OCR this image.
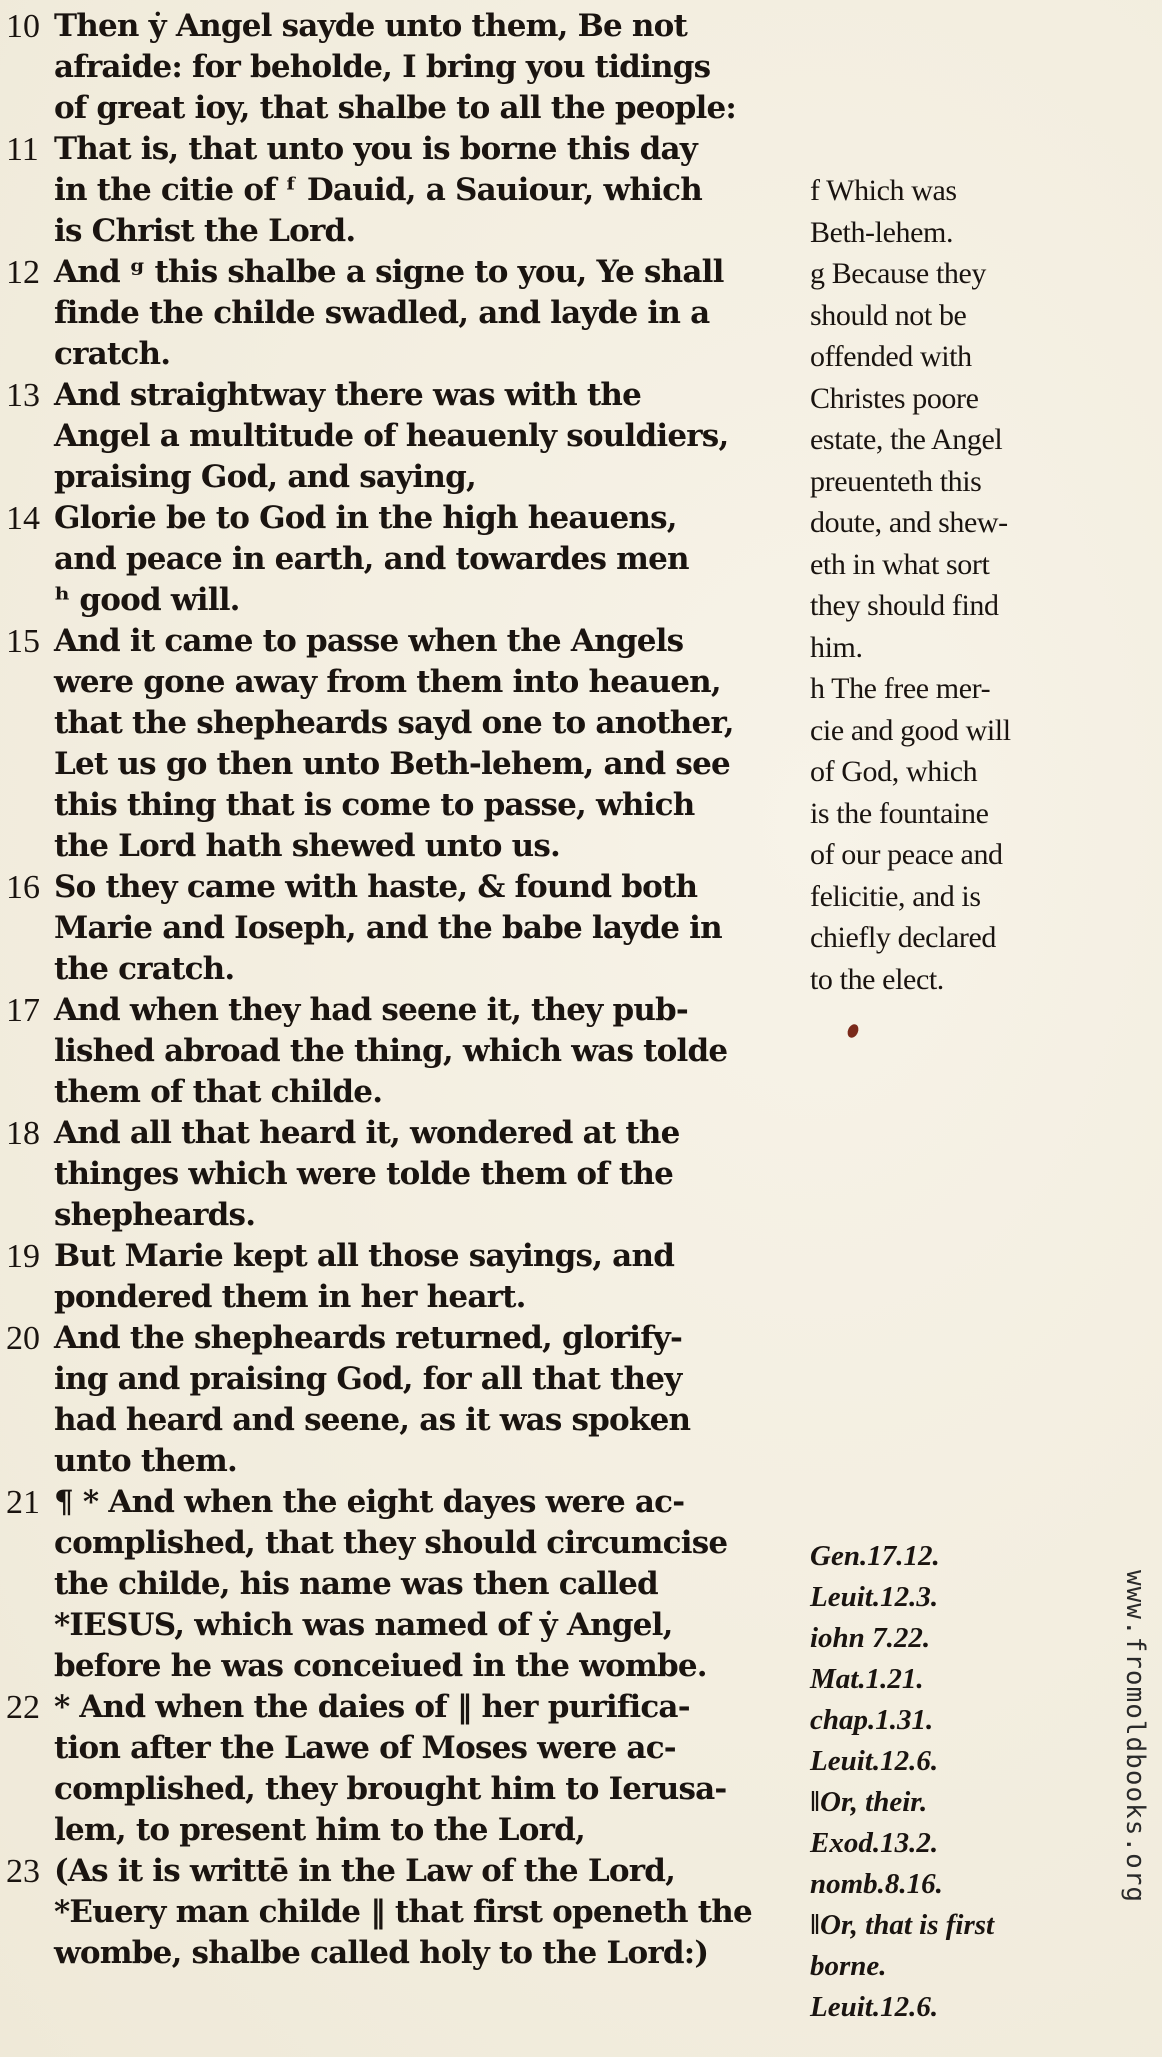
10 Then ẏ Angel sayde unto them, Be not
afraide: for beholde, I bring you tidings
of great ioy, that shalbe to all the people:
11 That is, that unto you is borne this day
in the citie of ᶠ Dauid, a Sauiour, which
is Christ the Lord.
12 And ᵍ this shalbe a signe to you, Ye shall
finde the childe swadled, and layde in a
cratch.
13 And straightway there was with the
Angel a multitude of heauenly souldiers,
praising God, and saying,
14 Glorie be to God in the high heauens,
and peace in earth, and towardes men
ʰ good will.
15 And it came to passe when the Angels
were gone away from them into heauen,
that the shepheards sayd one to another,
Let us go then unto Beth-lehem, and see
this thing that is come to passe, which
the Lord hath shewed unto us.
16 So they came with haste, & found both
Marie and Ioseph, and the babe layde in
the cratch.
17 And when they had seene it, they pub-
lished abroad the thing, which was tolde
them of that childe.
18 And all that heard it, wondered at the
thinges which were tolde them of the
shepheards.
19 But Marie kept all those sayings, and
pondered them in her heart.
20 And the shepheards returned, glorify-
ing and praising God, for all that they
had heard and seene, as it was spoken
unto them.
21 ¶ * And when the eight dayes were ac-
complished, that they should circumcise
the childe, his name was then called
*IESUS, which was named of ẏ Angel,
before he was conceiued in the wombe.
22 * And when the daies of ‖ her purifica-
tion after the Lawe of Moses were ac-
complished, they brought him to Ierusa-
lem, to present him to the Lord,
23 (As it is writtē in the Law of the Lord,
*Euery man childe ‖ that first openeth the
wombe, shalbe called holy to the Lord:)
f Which was
Beth-lehem.
g Because they
should not be
offended with
Christes poore
estate, the Angel
preuenteth this
doute, and shew-
eth in what sort
they should find
him.
h The free mer-
cie and good will
of God, which
is the fountaine
of our peace and
felicitie, and is
chiefly declared
to the elect.
Gen.17.12.
Leuit.12.3.
iohn 7.22.
Mat.1.21.
chap.1.31.
Leuit.12.6.
‖Or, their.
Exod.13.2.
nomb.8.16.
‖Or, that is first
borne.
Leuit.12.6.
www.fromoldbooks.org
